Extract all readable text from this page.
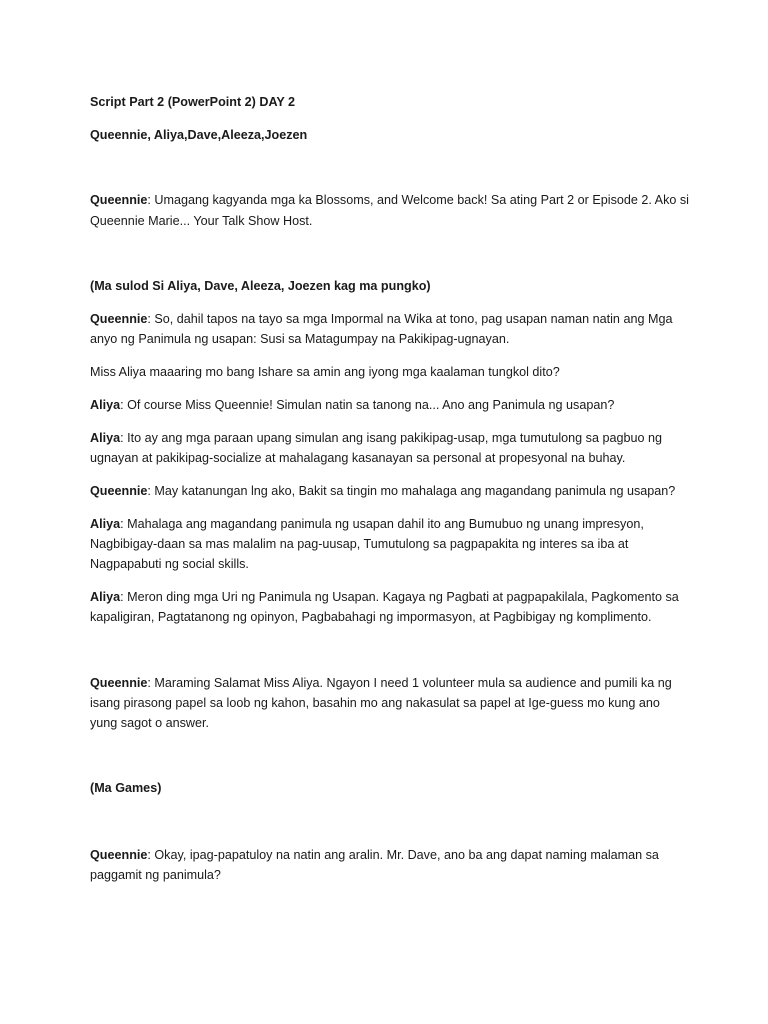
Script Part 2 (PowerPoint 2) DAY 2

Queennie, Aliya,Dave,Aleeza,Joezen

Queennie: Umagang kagyanda mga ka Blossoms, and Welcome back! Sa ating Part 2 or Episode 2. Ako si

Queennie Marie... Your Talk Show Host.

(Ma sulod Si Aliya, Dave, Aleeza, Joezen kag ma pungko)

Queennie: So, dahil tapos na tayo sa mga Impormal na Wika at tono, pag usapan naman natin ang Mga

anyo ng Panimula ng usapan: Susi sa Matagumpay na Pakikipag-ugnayan.

Miss Aliya maaaring mo bang Ishare sa amin ang iyong mga kaalaman tungkol dito?

Aliya: Of course Miss Queennie! Simulan natin sa tanong na... Ano ang Panimula ng usapan?

Aliya: Ito ay ang mga paraan upang simulan ang isang pakikipag-usap, mga tumutulong sa pagbuo ng

ugnayan at pakikipag-socialize at mahalagang kasanayan sa personal at propesyonal na buhay.

Queennie: May katanungan lng ako, Bakit sa tingin mo mahalaga ang magandang panimula ng usapan?

Aliya: Mahalaga ang magandang panimula ng usapan dahil ito ang Bumubuo ng unang impresyon,

Nagbibigay-daan sa mas malalim na pag-uusap, Tumutulong sa pagpapakita ng interes sa iba at

Nagpapabuti ng social skills.

Aliya: Meron ding mga Uri ng Panimula ng Usapan. Kagaya ng Pagbati at pagpapakilala, Pagkomento sa

kapaligiran, Pagtatanong ng opinyon, Pagbabahagi ng impormasyon, at Pagbibigay ng komplimento.

Queennie: Maraming Salamat Miss Aliya. Ngayon I need 1 volunteer mula sa audience and pumili ka ng

isang pirasong papel sa loob ng kahon, basahin mo ang nakasulat sa papel at Ige-guess mo kung ano

yung sagot o answer.

(Ma Games)

Queennie: Okay, ipag-papatuloy na natin ang aralin. Mr. Dave, ano ba ang dapat naming malaman sa

paggamit ng panimula?
